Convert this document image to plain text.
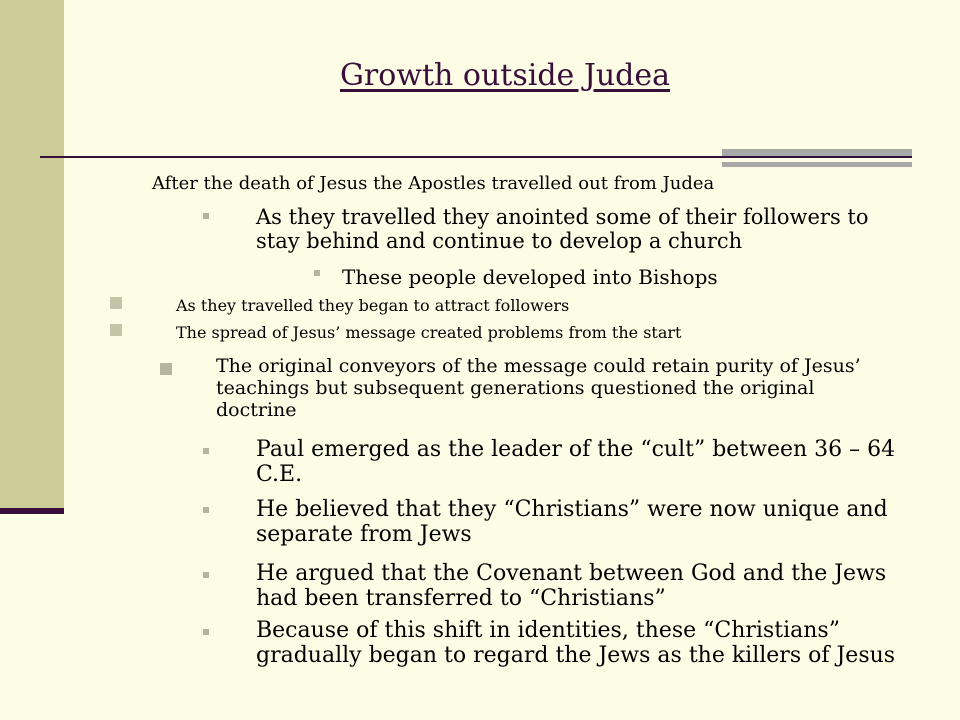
Growth outside Judea

After the death of Jesus the Apostles travelled out from Judea

As they travelled they anointed some of their followers to stay behind and continue to develop a church

These people developed into Bishops

As they travelled they began to attract followers

The spread of Jesus’ message created problems from the start

The original conveyors of the message could retain purity of Jesus’ teachings but subsequent generations questioned the original doctrine

Paul emerged as the leader of the “cult” between 36 – 64 C.E.

He believed that they “Christians” were now unique and separate from Jews

He argued that the Covenant between God and the Jews had been transferred to “Christians”

Because of this shift in identities, these “Christians” gradually began to regard the Jews as the killers of Jesus
